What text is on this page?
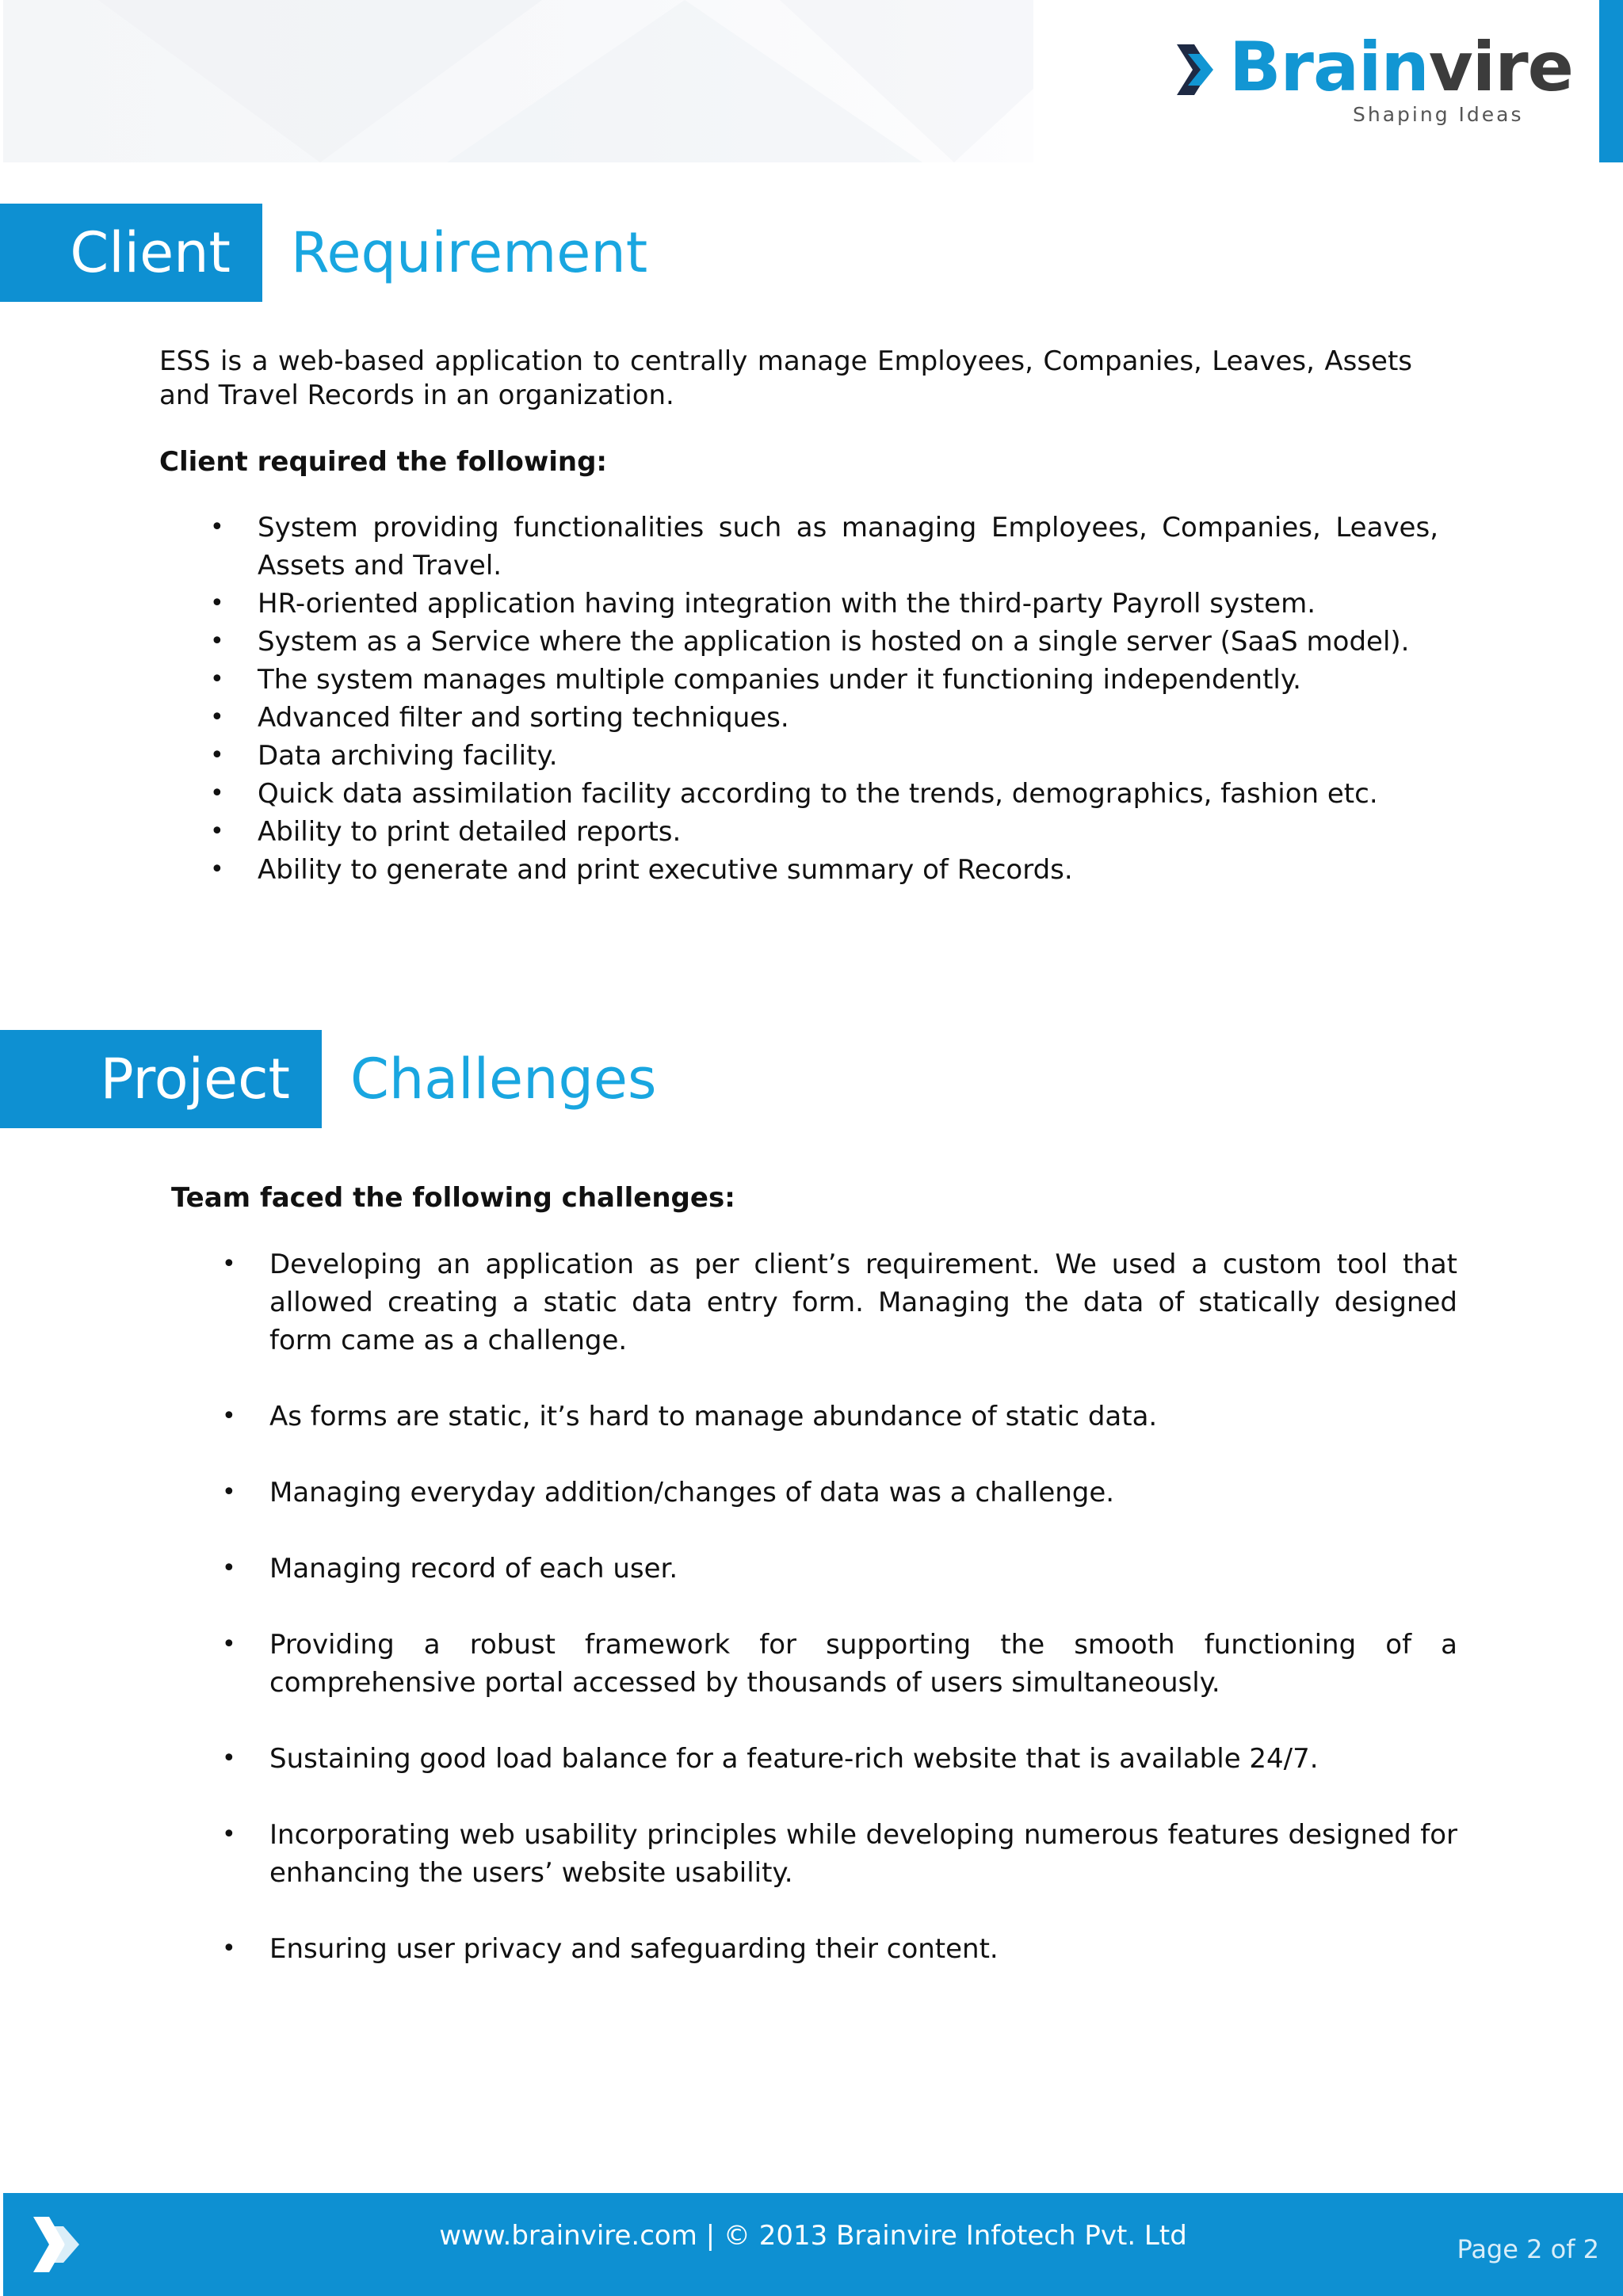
Brainvire
Shaping Ideas
Client	Requirement
ESS is a web-based application to centrally manage Employees, Companies, Leaves, Assets and Travel Records in an organization.
Client required the following:
• System providing functionalities such as managing Employees, Companies, Leaves, Assets and Travel.
• HR-oriented application having integration with the third-party Payroll system.
• System as a Service where the application is hosted on a single server (SaaS model).
• The system manages multiple companies under it functioning independently.
• Advanced filter and sorting techniques.
• Data archiving facility.
• Quick data assimilation facility according to the trends, demographics, fashion etc.
• Ability to print detailed reports.
• Ability to generate and print executive summary of Records.
Project	Challenges
Team faced the following challenges:
• Developing an application as per client’s requirement. We used a custom tool that allowed creating a static data entry form. Managing the data of statically designed form came as a challenge.
• As forms are static, it’s hard to manage abundance of static data.
• Managing everyday addition/changes of data was a challenge.
• Managing record of each user.
• Providing a robust framework for supporting the smooth functioning of a comprehensive portal accessed by thousands of users simultaneously.
• Sustaining good load balance for a feature-rich website that is available 24/7.
• Incorporating web usability principles while developing numerous features designed for enhancing the users’ website usability.
• Ensuring user privacy and safeguarding their content.
www.brainvire.com | © 2013 Brainvire Infotech Pvt. Ltd	Page 2 of 2
